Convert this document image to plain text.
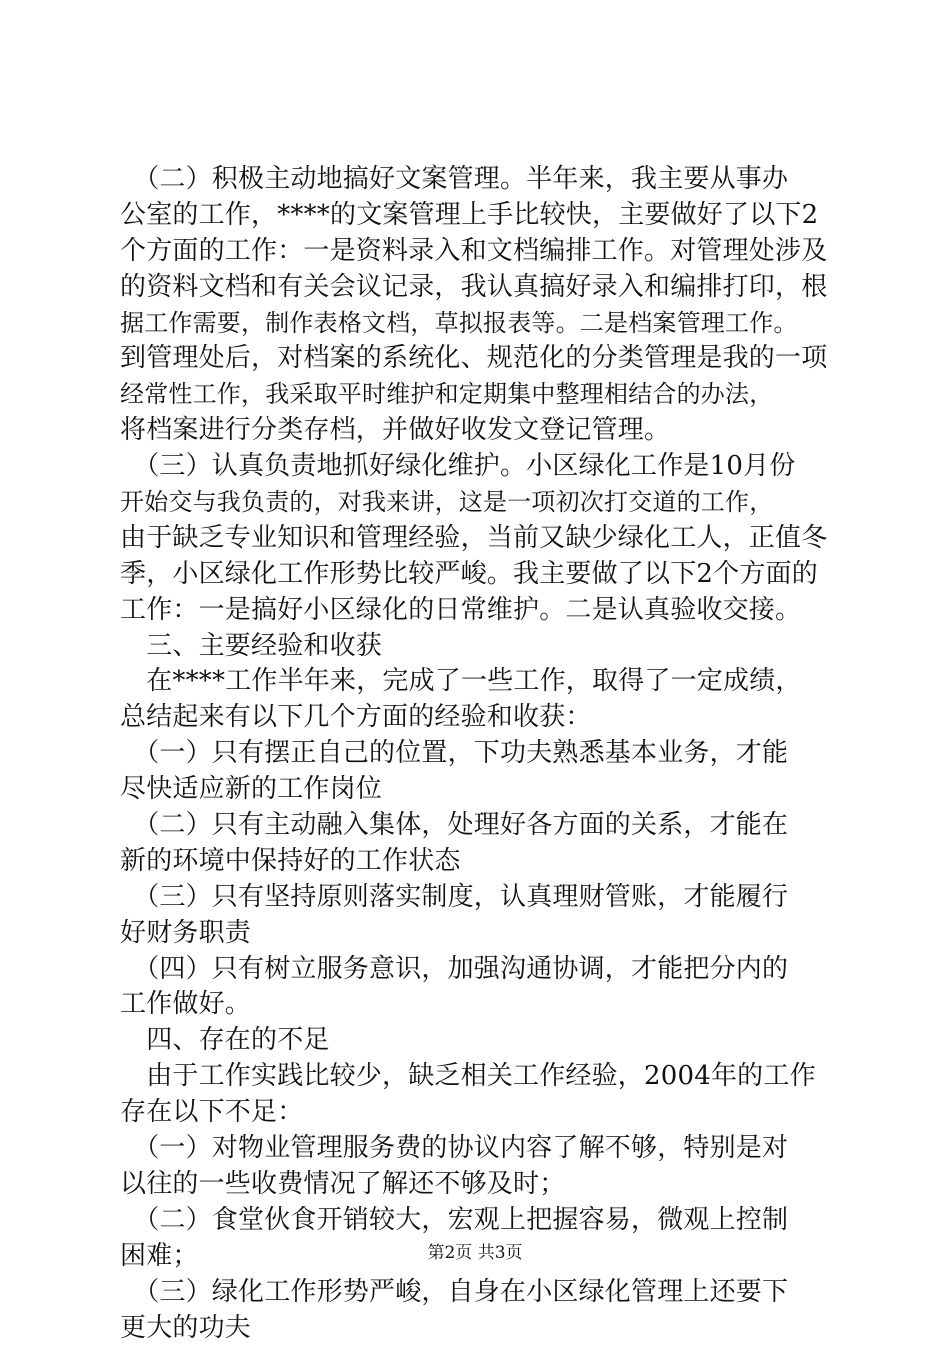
　（二）积极主动地搞好文案管理。半年来，我主要从事办
公室的工作，****的文案管理上手比较快，主要做好了以下2
个方面的工作：一是资料录入和文档编排工作。对管理处涉及
的资料文档和有关会议记录，我认真搞好录入和编排打印，根
据工作需要，制作表格文档，草拟报表等。二是档案管理工作。
到管理处后，对档案的系统化、规范化的分类管理是我的一项
经常性工作，我采取平时维护和定期集中整理相结合的办法，
将档案进行分类存档，并做好收发文登记管理。
　（三）认真负责地抓好绿化维护。小区绿化工作是10月份
开始交与我负责的，对我来讲，这是一项初次打交道的工作，
由于缺乏专业知识和管理经验，当前又缺少绿化工人，正值冬
季，小区绿化工作形势比较严峻。我主要做了以下2个方面的
工作：一是搞好小区绿化的日常维护。二是认真验收交接。
　三、主要经验和收获
　在****工作半年来，完成了一些工作，取得了一定成绩，
总结起来有以下几个方面的经验和收获：
　（一）只有摆正自己的位置，下功夫熟悉基本业务，才能
尽快适应新的工作岗位
　（二）只有主动融入集体，处理好各方面的关系，才能在
新的环境中保持好的工作状态
　（三）只有坚持原则落实制度，认真理财管账，才能履行
好财务职责
　（四）只有树立服务意识，加强沟通协调，才能把分内的
工作做好。
　四、存在的不足
　由于工作实践比较少，缺乏相关工作经验，2004年的工作
存在以下不足：
　（一）对物业管理服务费的协议内容了解不够，特别是对
以往的一些收费情况了解还不够及时；
　（二）食堂伙食开销较大，宏观上把握容易，微观上控制
困难；
　（三）绿化工作形势严峻，自身在小区绿化管理上还要下
更大的功夫
第2页 共3页
